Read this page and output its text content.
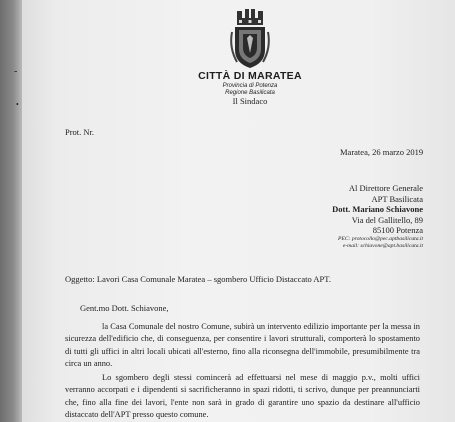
-
•
CITTÀ DI MARATEA
Provincia di Potenza
Regione Basilicata
Il Sindaco
Prot. Nr.
Maratea, 26 marzo 2019
Al Direttore Generale
APT Basilicata
Dott. Mariano Schiavone
Via del Gallitello, 89
85100 Potenza
PEC: protocollo@pec.aptbasilicata.it
e-mail: schiavone@apt.basilicata.it
Oggetto: Lavori Casa Comunale Maratea – sgombero Ufficio Distaccato APT.
Gent.mo Dott. Schiavone,
la Casa Comunale del nostro Comune, subirà un intervento edilizio importante per la messa in sicurezza dell'edificio che, di conseguenza, per consentire i lavori strutturali, comporterà lo spostamento di tutti gli uffici in altri locali ubicati all'esterno, fino alla riconsegna dell'immobile, presumibilmente tra circa un anno.
Lo sgombero degli stessi comincerà ad effettuarsi nel mese di maggio p.v., molti uffici verranno accorpati e i dipendenti si sacrificheranno in spazi ridotti, ti scrivo, dunque per preannunciarti che, fino alla fine dei lavori, l'ente non sarà in grado di garantire uno spazio da destinare all'ufficio distaccato dell'APT presso questo comune.
